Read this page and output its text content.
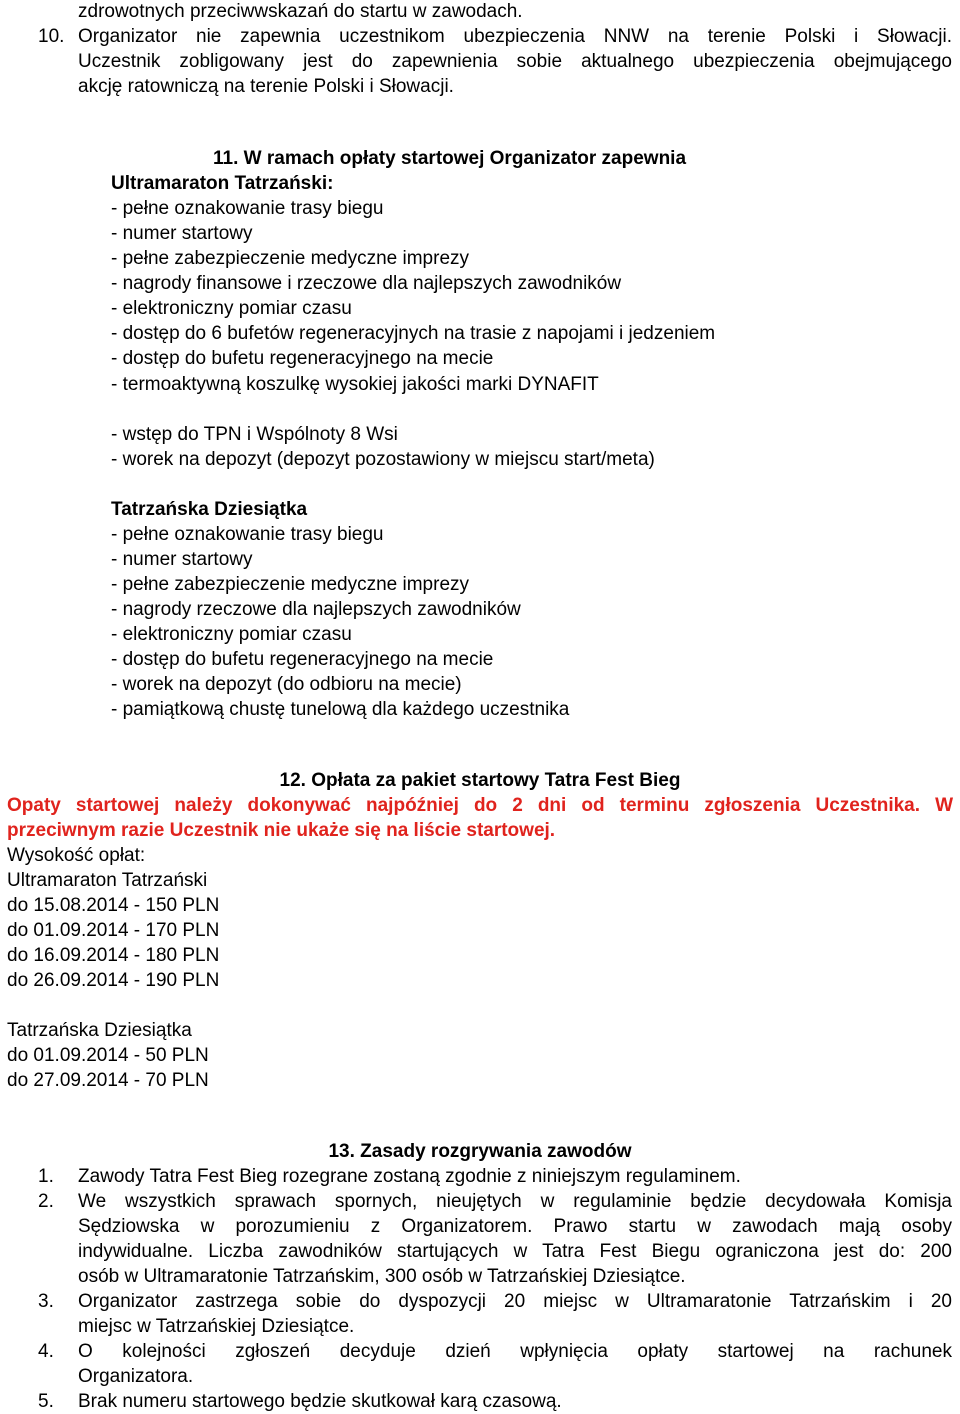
zdrowotnych przeciwwskazań do startu w zawodach.
10. Organizator nie zapewnia uczestnikom ubezpieczenia NNW na terenie Polski i Słowacji.
Uczestnik zobligowany jest do zapewnienia sobie aktualnego ubezpieczenia obejmującego
akcję ratowniczą na terenie Polski i Słowacji.
11. W ramach opłaty startowej Organizator zapewnia
Ultramaraton Tatrzański:
- pełne oznakowanie trasy biegu
- numer startowy
- pełne zabezpieczenie medyczne imprezy
- nagrody finansowe i rzeczowe dla najlepszych zawodników
- elektroniczny pomiar czasu
- dostęp do 6 bufetów regeneracyjnych na trasie z napojami i jedzeniem
- dostęp do bufetu regeneracyjnego na mecie
- termoaktywną koszulkę wysokiej jakości marki DYNAFIT
- wstęp do TPN i Wspólnoty 8 Wsi
- worek na depozyt (depozyt pozostawiony w miejscu start/meta)
Tatrzańska Dziesiątka
- pełne oznakowanie trasy biegu
- numer startowy
- pełne zabezpieczenie medyczne imprezy
- nagrody rzeczowe dla najlepszych zawodników
- elektroniczny pomiar czasu
- dostęp do bufetu regeneracyjnego na mecie
- worek na depozyt (do odbioru na mecie)
- pamiątkową chustę tunelową dla każdego uczestnika
12. Opłata za pakiet startowy Tatra Fest Bieg
Opaty startowej należy dokonywać najpóźniej do 2 dni od terminu zgłoszenia Uczestnika. W
przeciwnym razie Uczestnik nie ukaże się na liście startowej.
Wysokość opłat:
Ultramaraton Tatrzański
do 15.08.2014 - 150 PLN
do 01.09.2014 - 170 PLN
do 16.09.2014 - 180 PLN
do 26.09.2014 - 190 PLN
Tatrzańska Dziesiątka
do 01.09.2014 - 50 PLN
do 27.09.2014 - 70 PLN
13. Zasady rozgrywania zawodów
1. Zawody Tatra Fest Bieg rozegrane zostaną zgodnie z niniejszym regulaminem.
2. We wszystkich sprawach spornych, nieujętych w regulaminie będzie decydowała Komisja
Sędziowska w porozumieniu z Organizatorem. Prawo startu w zawodach mają osoby
indywidualne. Liczba zawodników startujących w Tatra Fest Biegu ograniczona jest do: 200
osób w Ultramaratonie Tatrzańskim, 300 osób w Tatrzańskiej Dziesiątce.
3. Organizator zastrzega sobie do dyspozycji 20 miejsc w Ultramaratonie Tatrzańskim i 20
miejsc w Tatrzańskiej Dziesiątce.
4. O kolejności zgłoszeń decyduje dzień wpłynięcia opłaty startowej na rachunek
Organizatora.
5. Brak numeru startowego będzie skutkował karą czasową.
